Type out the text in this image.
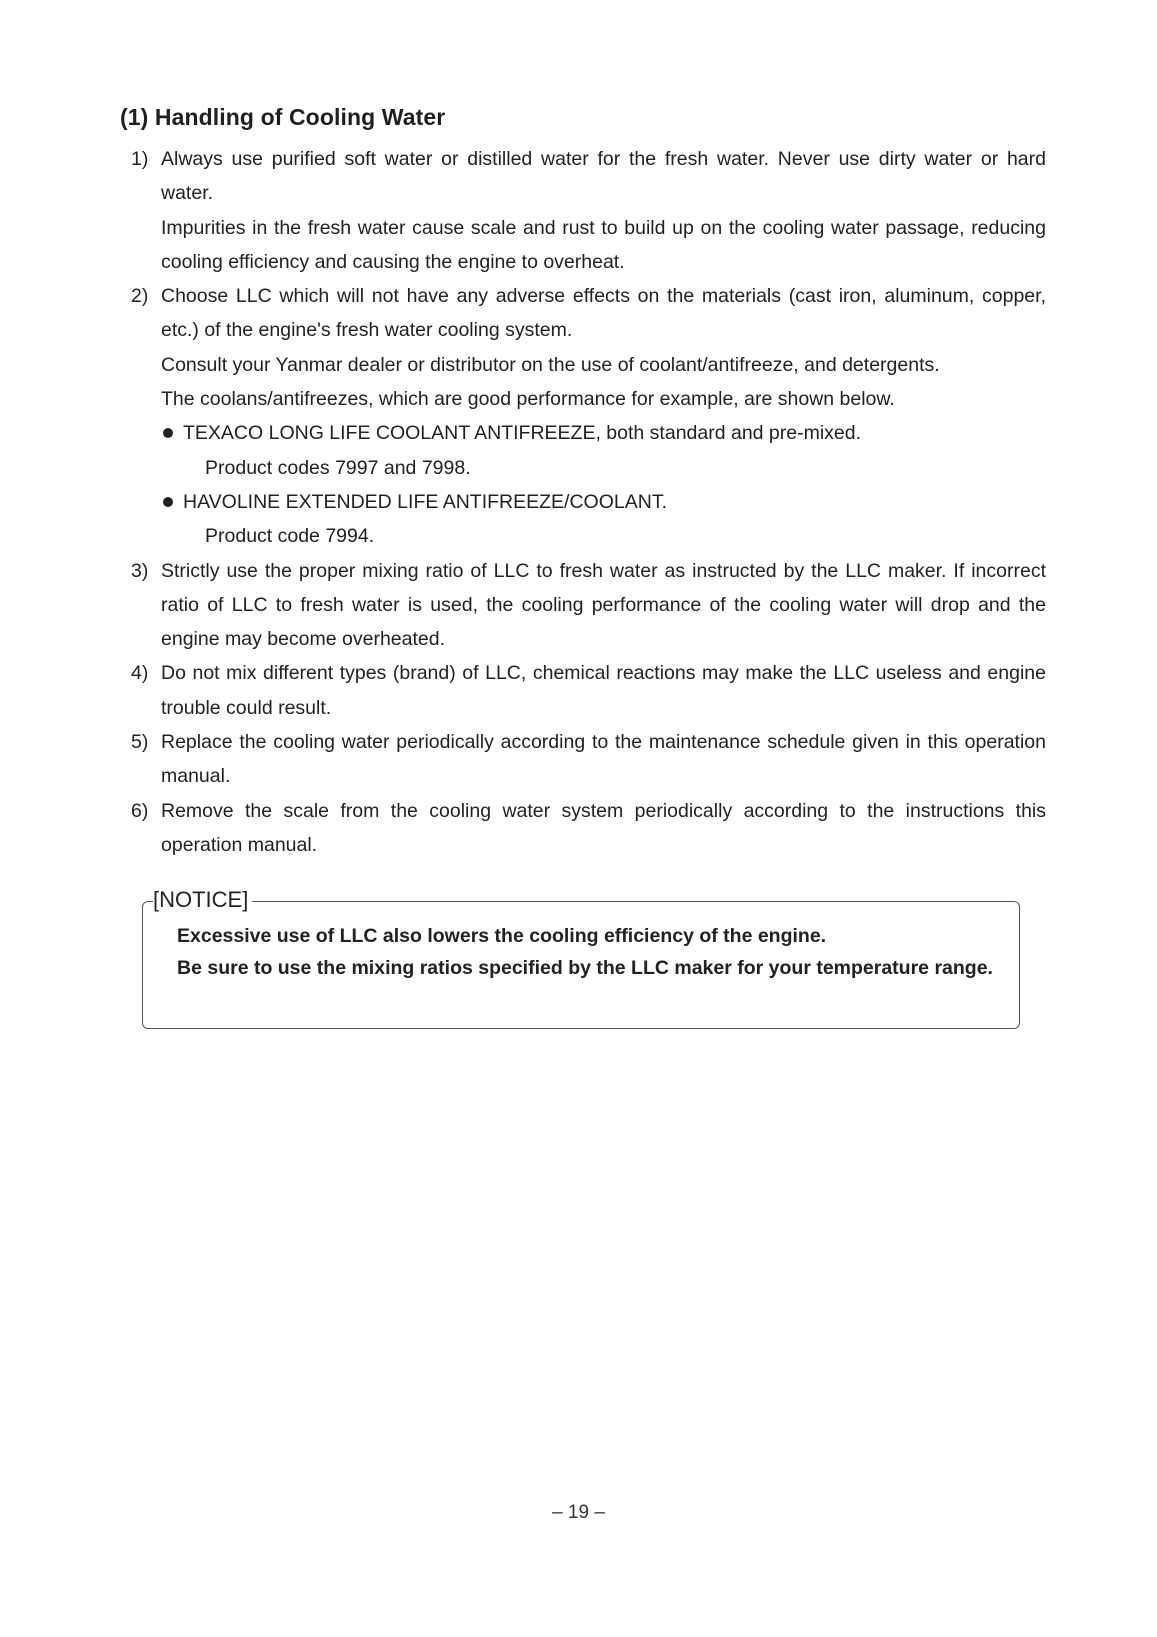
(1) Handling of Cooling Water
1) Always use purified soft water or distilled water for the fresh water. Never use dirty water or hard water.
Impurities in the fresh water cause scale and rust to build up on the cooling water passage, reducing cooling efficiency and causing the engine to overheat.
2) Choose LLC which will not have any adverse effects on the materials (cast iron, aluminum, copper, etc.) of the engine's fresh water cooling system.
Consult your Yanmar dealer or distributor on the use of coolant/antifreeze, and detergents.
The coolans/antifreezes, which are good performance for example, are shown below.
TEXACO LONG LIFE COOLANT ANTIFREEZE, both standard and pre-mixed.
Product codes 7997 and 7998.
HAVOLINE EXTENDED LIFE ANTIFREEZE/COOLANT.
Product code 7994.
3) Strictly use the proper mixing ratio of LLC to fresh water as instructed by the LLC maker. If incorrect ratio of LLC to fresh water is used, the cooling performance of the cooling water will drop and the engine may become overheated.
4) Do not mix different types (brand) of LLC, chemical reactions may make the LLC useless and engine trouble could result.
5) Replace the cooling water periodically according to the maintenance schedule given in this operation manual.
6) Remove the scale from the cooling water system periodically according to the instructions this operation manual.
[NOTICE]
Excessive use of LLC also lowers the cooling efficiency of the engine.
Be sure to use the mixing ratios specified by the LLC maker for your temperature range.
– 19 –
